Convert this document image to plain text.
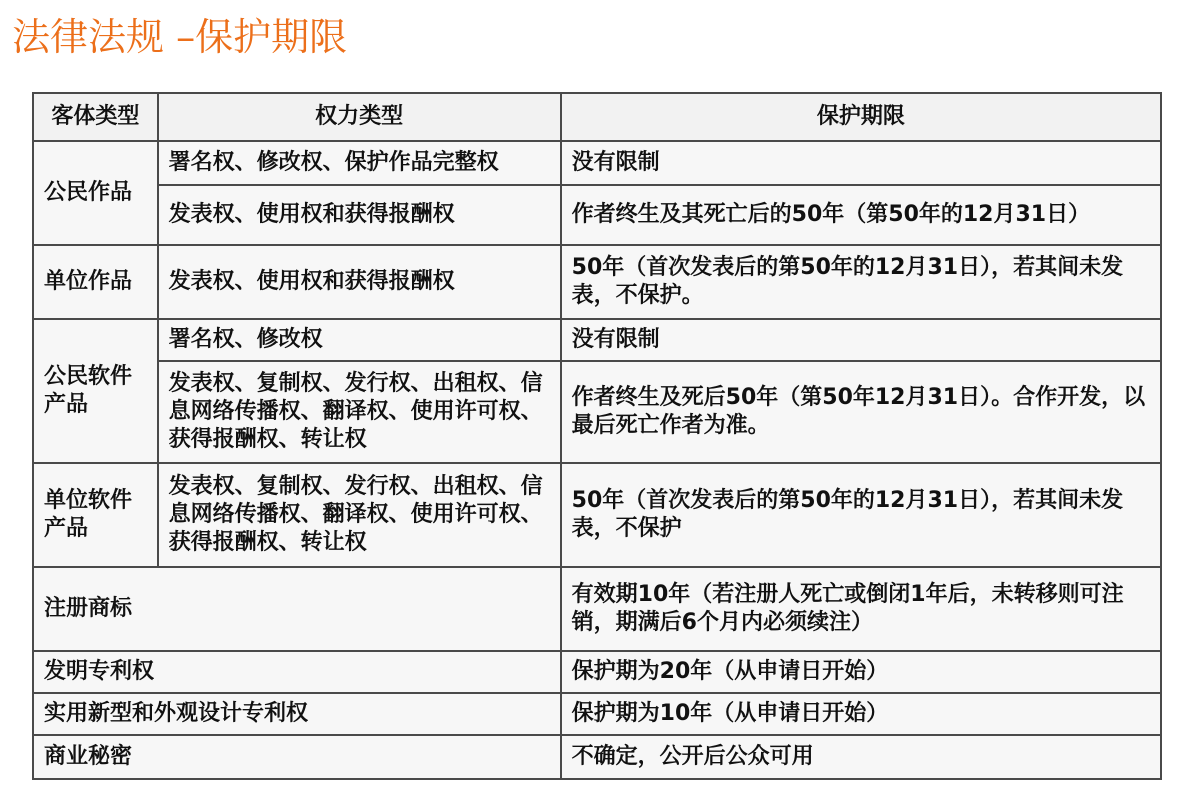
法律法规 –保护期限
客体类型	权力类型	保护期限
公民作品	署名权、修改权、保护作品完整权	没有限制
	发表权、使用权和获得报酬权	作者终生及其死亡后的50年（第50年的12月31日）
单位作品	发表权、使用权和获得报酬权	50年（首次发表后的第50年的12月31日），若其间未发表，不保护。
公民软件产品	署名权、修改权	没有限制
	发表权、复制权、发行权、出租权、信息网络传播权、翻译权、使用许可权、获得报酬权、转让权	作者终生及死后50年（第50年12月31日）。合作开发，以最后死亡作者为准。
单位软件产品	发表权、复制权、发行权、出租权、信息网络传播权、翻译权、使用许可权、获得报酬权、转让权	50年（首次发表后的第50年的12月31日），若其间未发表，不保护
注册商标		有效期10年（若注册人死亡或倒闭1年后，未转移则可注销，期满后6个月内必须续注）
发明专利权		保护期为20年（从申请日开始）
实用新型和外观设计专利权		保护期为10年（从申请日开始）
商业秘密		不确定，公开后公众可用
